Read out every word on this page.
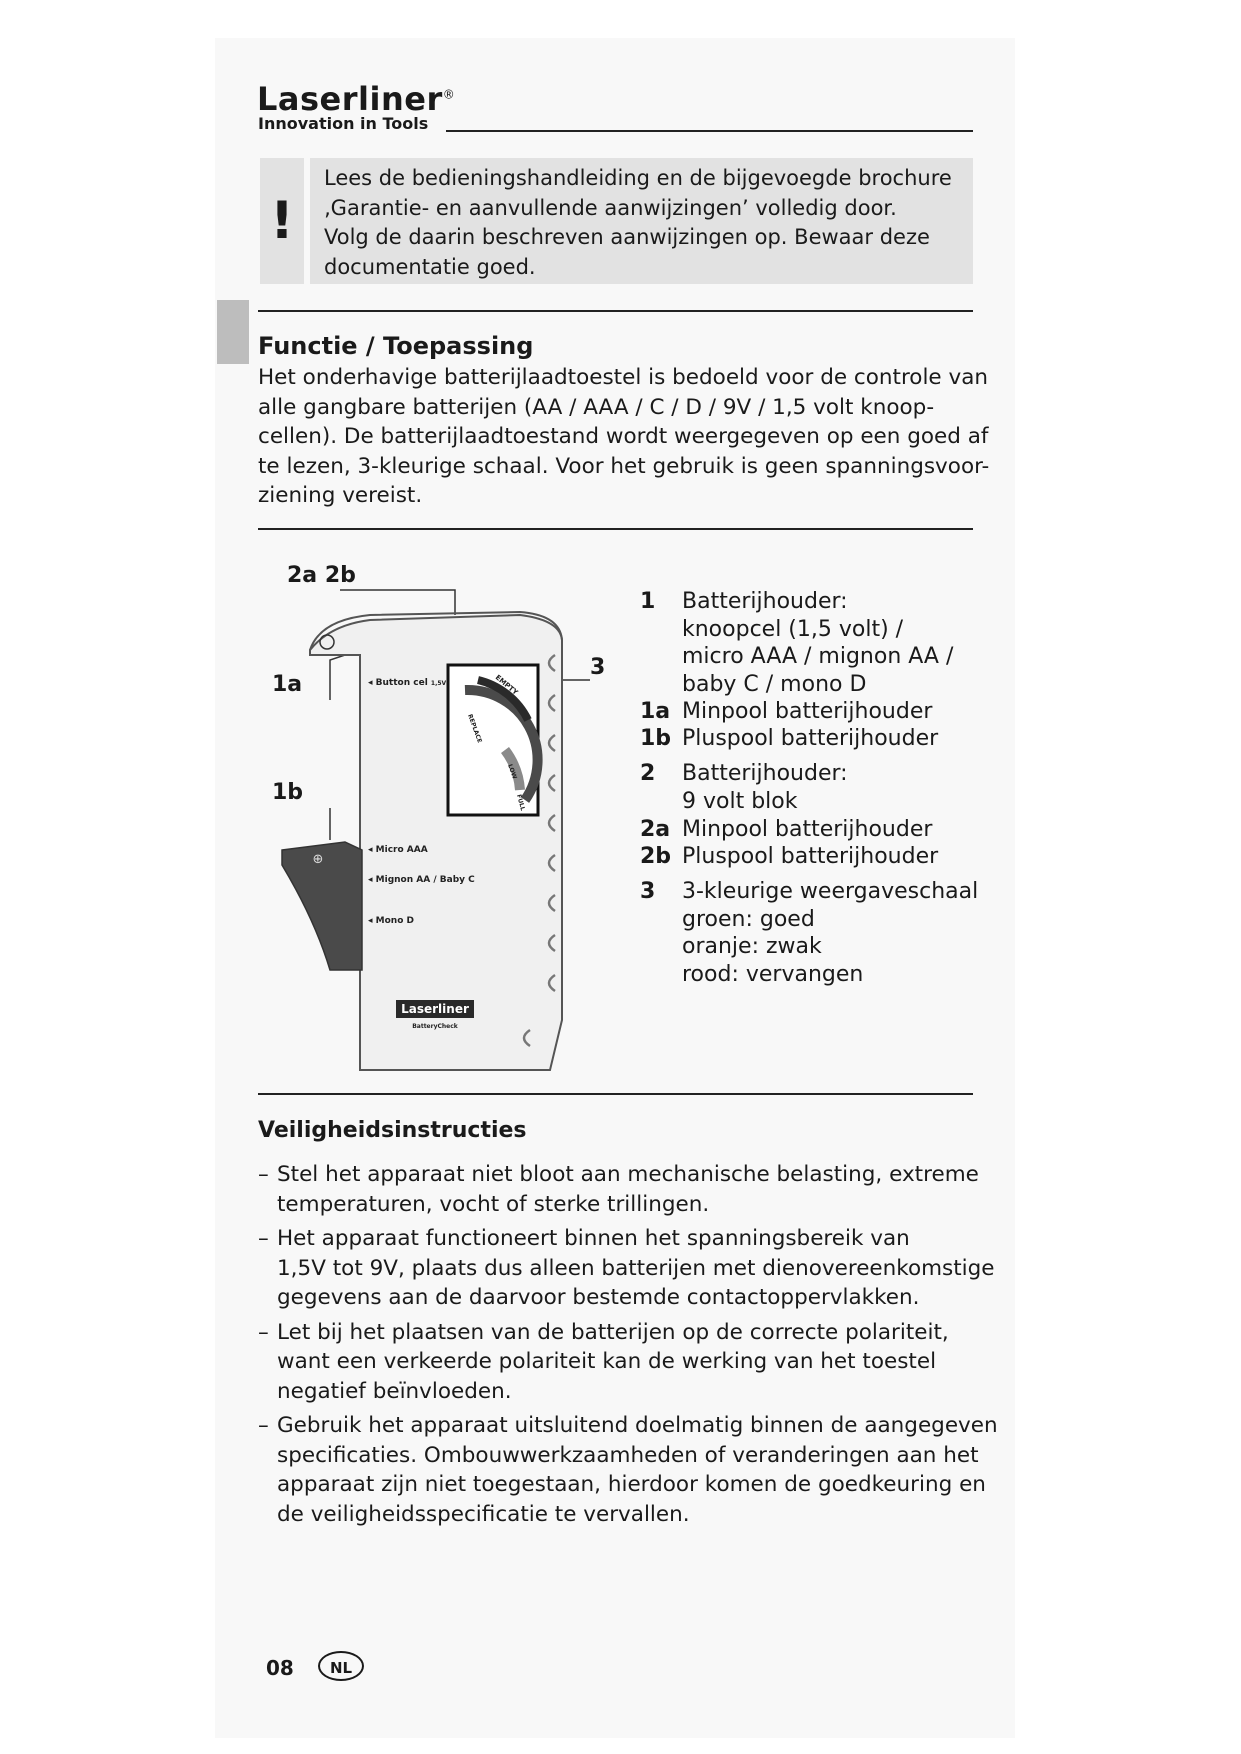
Laserliner®
Innovation in Tools
!
Lees de bedieningshandleiding en de bijgevoegde brochure
‚Garantie- en aanvullende aanwijzingen’ volledig door.
Volg de daarin beschreven aanwijzingen op. Bewaar deze
documentatie goed.
Functie / Toepassing
Het onderhavige batterijlaadtoestel is bedoeld voor de controle van
alle gangbare batterijen (AA / AAA / C / D / 9V / 1,5 volt knoop-
cellen). De batterijlaadtoestand wordt weergegeven op een goed af
te lezen, 3-kleurige schaal. Voor het gebruik is geen spanningsvoor-
ziening vereist.
2a 2b
1a
1b
3
EMPTY
REPLACE
LOW
FULL
◂ Button cel 1,5V
◂ Micro AAA
◂ Mignon AA / Baby C
◂ Mono D
⊕
Laserliner
BatteryCheck
1	Batterijhouder:
knoopcel (1,5 volt) /
micro AAA / mignon AA /
baby C / mono D
1a Minpool batterijhouder
1b Pluspool batterijhouder
2	Batterijhouder:
9 volt blok
2a Minpool batterijhouder
2b Pluspool batterijhouder
3	3-kleurige weergaveschaal
groen: goed
oranje: zwak
rood: vervangen
Veiligheidsinstructies
– Stel het apparaat niet bloot aan mechanische belasting, extreme
temperaturen, vocht of sterke trillingen.
– Het apparaat functioneert binnen het spanningsbereik van
1,5V tot 9V, plaats dus alleen batterijen met dienovereenkomstige
gegevens aan de daarvoor bestemde contactoppervlakken.
– Let bij het plaatsen van de batterijen op de correcte polariteit,
want een verkeerde polariteit kan de werking van het toestel
negatief beïnvloeden.
– Gebruik het apparaat uitsluitend doelmatig binnen de aangegeven
specificaties. Ombouwwerkzaamheden of veranderingen aan het
apparaat zijn niet toegestaan, hierdoor komen de goedkeuring en
de veiligheidsspecificatie te vervallen.
08	NL
